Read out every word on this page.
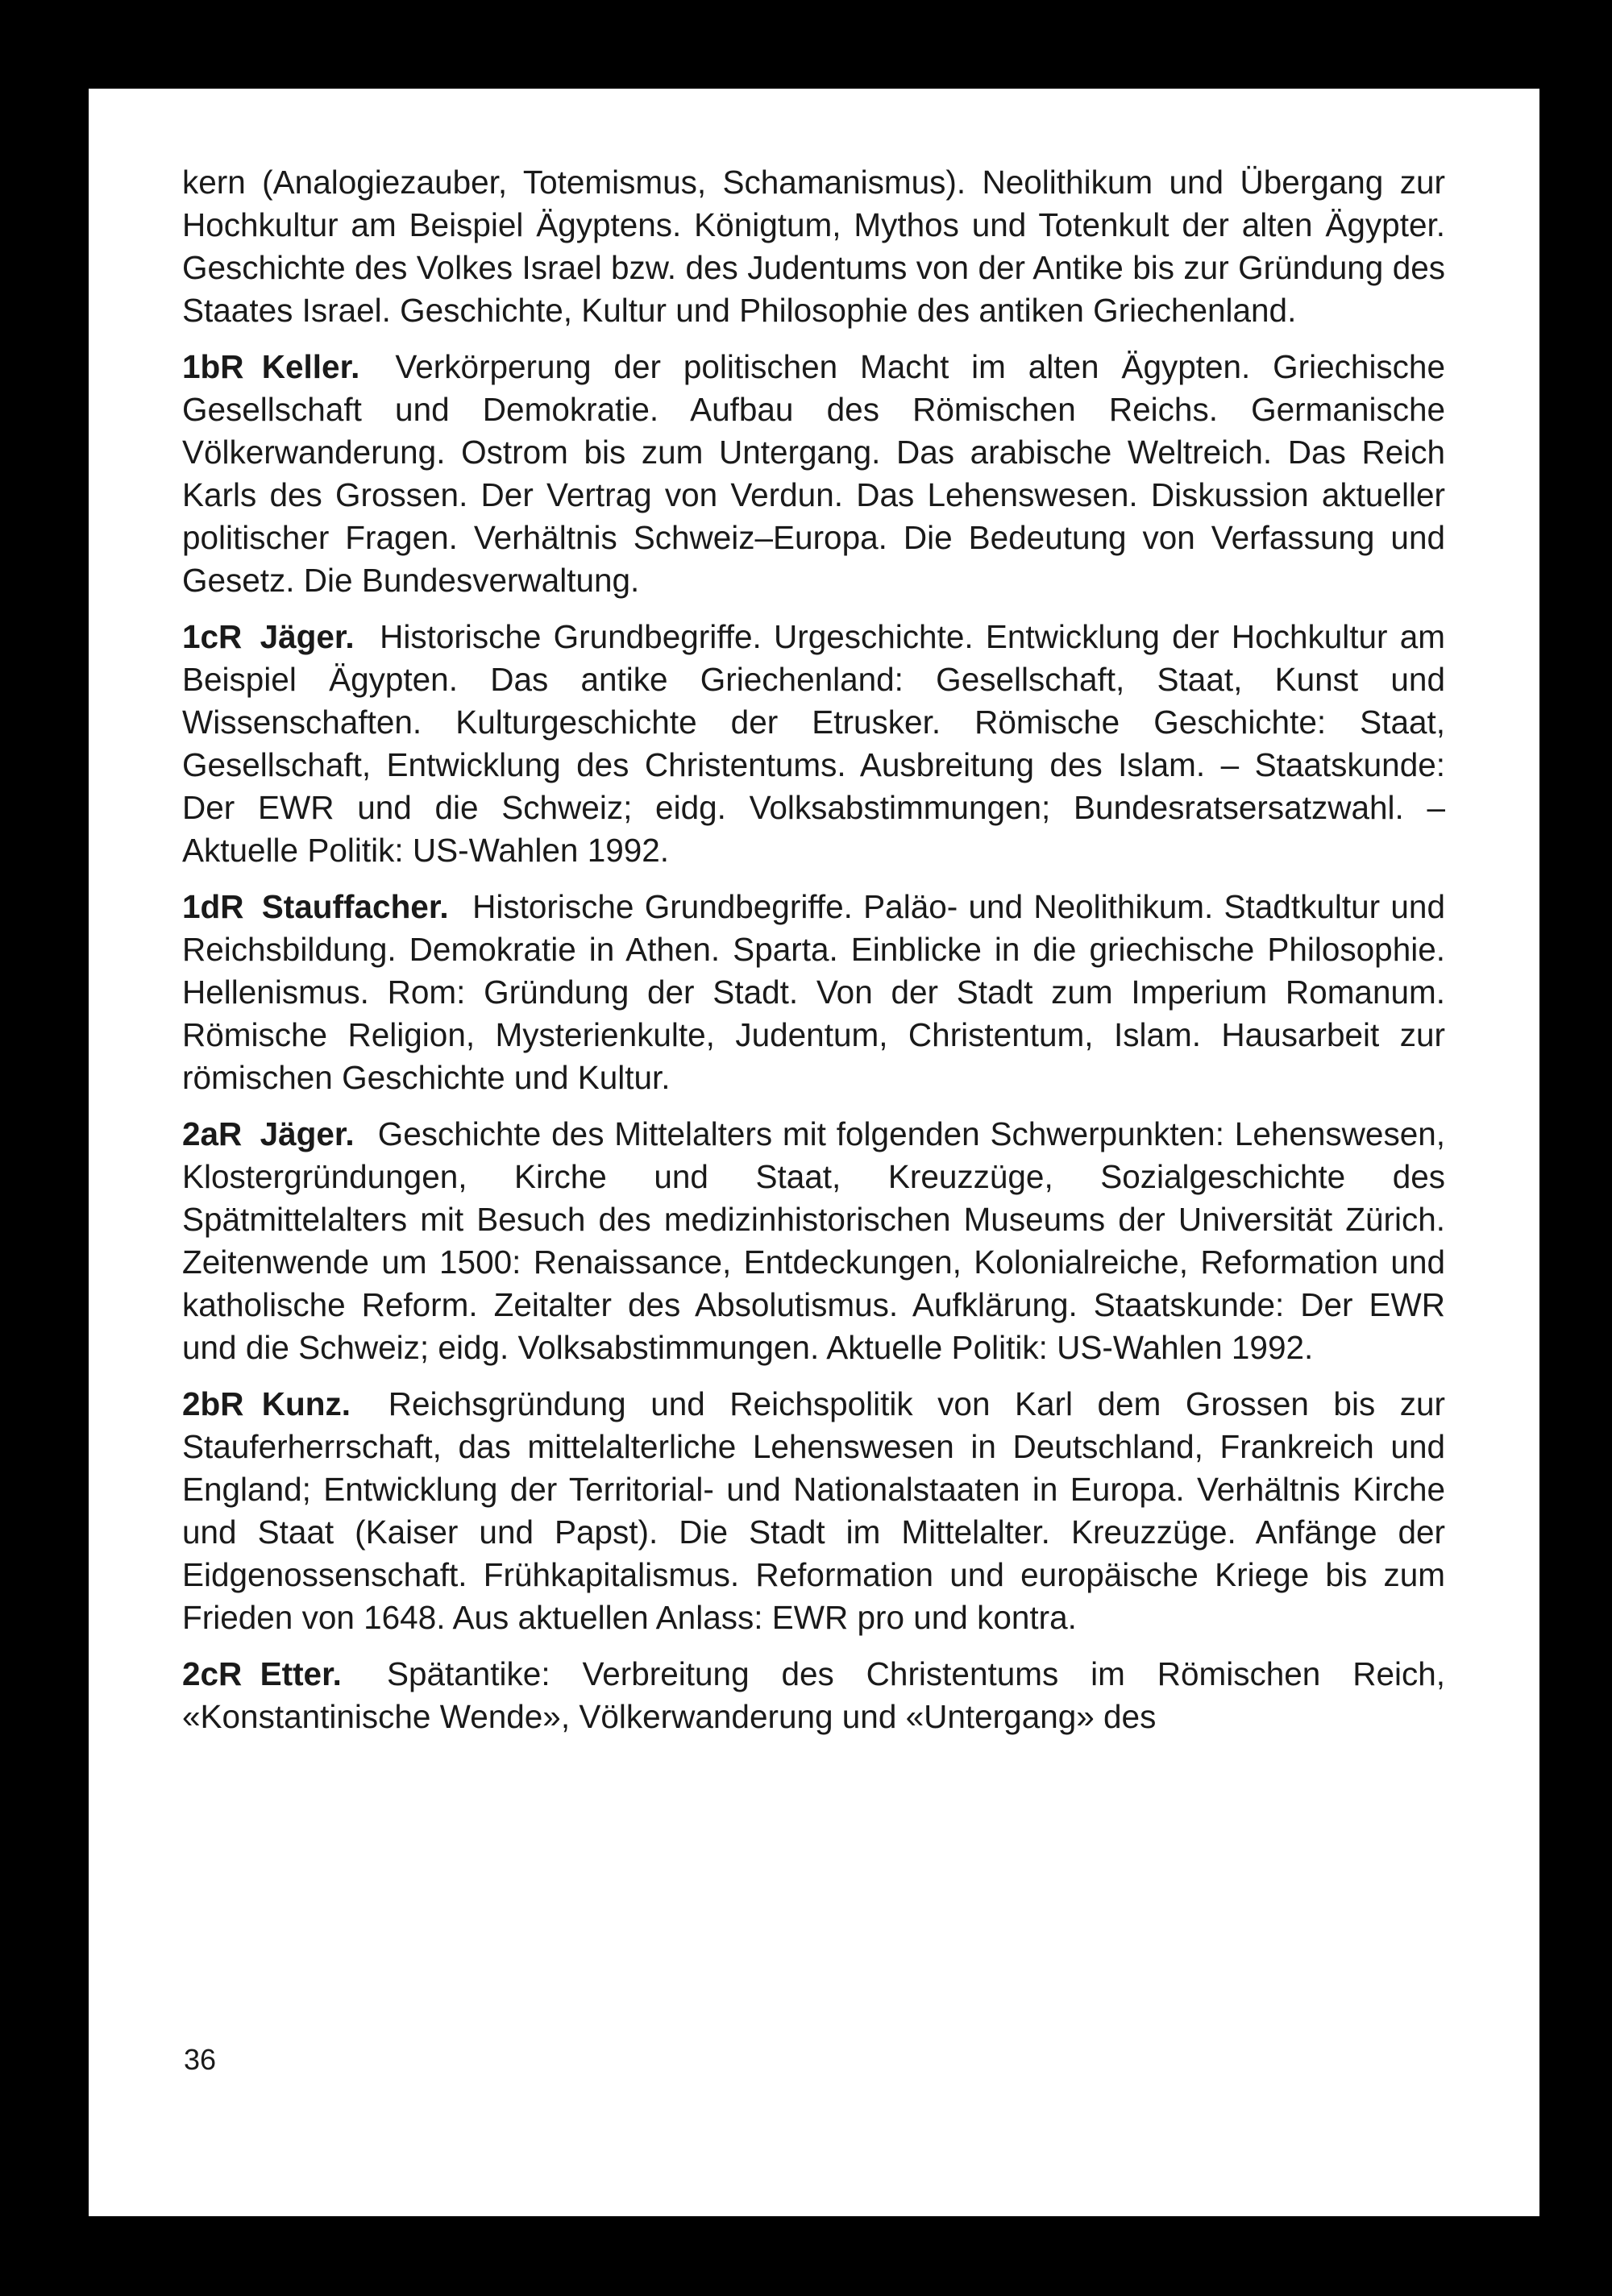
kern (Analogiezauber, Totemismus, Schamanismus). Neolithikum und Übergang zur Hochkultur am Beispiel Ägyptens. Königtum, Mythos und Totenkult der alten Ägypter. Geschichte des Volkes Israel bzw. des Judentums von der Antike bis zur Gründung des Staates Israel. Geschichte, Kultur und Philosophie des antiken Griechenland.

1bR Keller. Verkörperung der politischen Macht im alten Ägypten. Griechische Gesellschaft und Demokratie. Aufbau des Römischen Reichs. Germanische Völkerwanderung. Ostrom bis zum Untergang. Das arabische Weltreich. Das Reich Karls des Grossen. Der Vertrag von Verdun. Das Lehenswesen. Diskussion aktueller politischer Fragen. Verhältnis Schweiz–Europa. Die Bedeutung von Verfassung und Gesetz. Die Bundesverwaltung.

1cR Jäger. Historische Grundbegriffe. Urgeschichte. Entwicklung der Hochkultur am Beispiel Ägypten. Das antike Griechenland: Gesellschaft, Staat, Kunst und Wissenschaften. Kulturgeschichte der Etrusker. Römische Geschichte: Staat, Gesellschaft, Entwicklung des Christentums. Ausbreitung des Islam. – Staatskunde: Der EWR und die Schweiz; eidg. Volksabstimmungen; Bundesratsersatzwahl. – Aktuelle Politik: US-Wahlen 1992.

1dR Stauffacher. Historische Grundbegriffe. Paläo- und Neolithikum. Stadtkultur und Reichsbildung. Demokratie in Athen. Sparta. Einblicke in die griechische Philosophie. Hellenismus. Rom: Gründung der Stadt. Von der Stadt zum Imperium Romanum. Römische Religion, Mysterienkulte, Judentum, Christentum, Islam. Hausarbeit zur römischen Geschichte und Kultur.

2aR Jäger. Geschichte des Mittelalters mit folgenden Schwerpunkten: Lehenswesen, Klostergründungen, Kirche und Staat, Kreuzzüge, Sozialgeschichte des Spätmittelalters mit Besuch des medizinhistorischen Museums der Universität Zürich. Zeitenwende um 1500: Renaissance, Entdeckungen, Kolonialreiche, Reformation und katholische Reform. Zeitalter des Absolutismus. Aufklärung. Staatskunde: Der EWR und die Schweiz; eidg. Volksabstimmungen. Aktuelle Politik: US-Wahlen 1992.

2bR Kunz. Reichsgründung und Reichspolitik von Karl dem Grossen bis zur Stauferherrschaft, das mittelalterliche Lehenswesen in Deutschland, Frankreich und England; Entwicklung der Territorial- und Nationalstaaten in Europa. Verhältnis Kirche und Staat (Kaiser und Papst). Die Stadt im Mittelalter. Kreuzzüge. Anfänge der Eidgenossenschaft. Frühkapitalismus. Reformation und europäische Kriege bis zum Frieden von 1648. Aus aktuellen Anlass: EWR pro und kontra.

2cR Etter. Spätantike: Verbreitung des Christentums im Römischen Reich, «Konstantinische Wende», Völkerwanderung und «Untergang» des

36
